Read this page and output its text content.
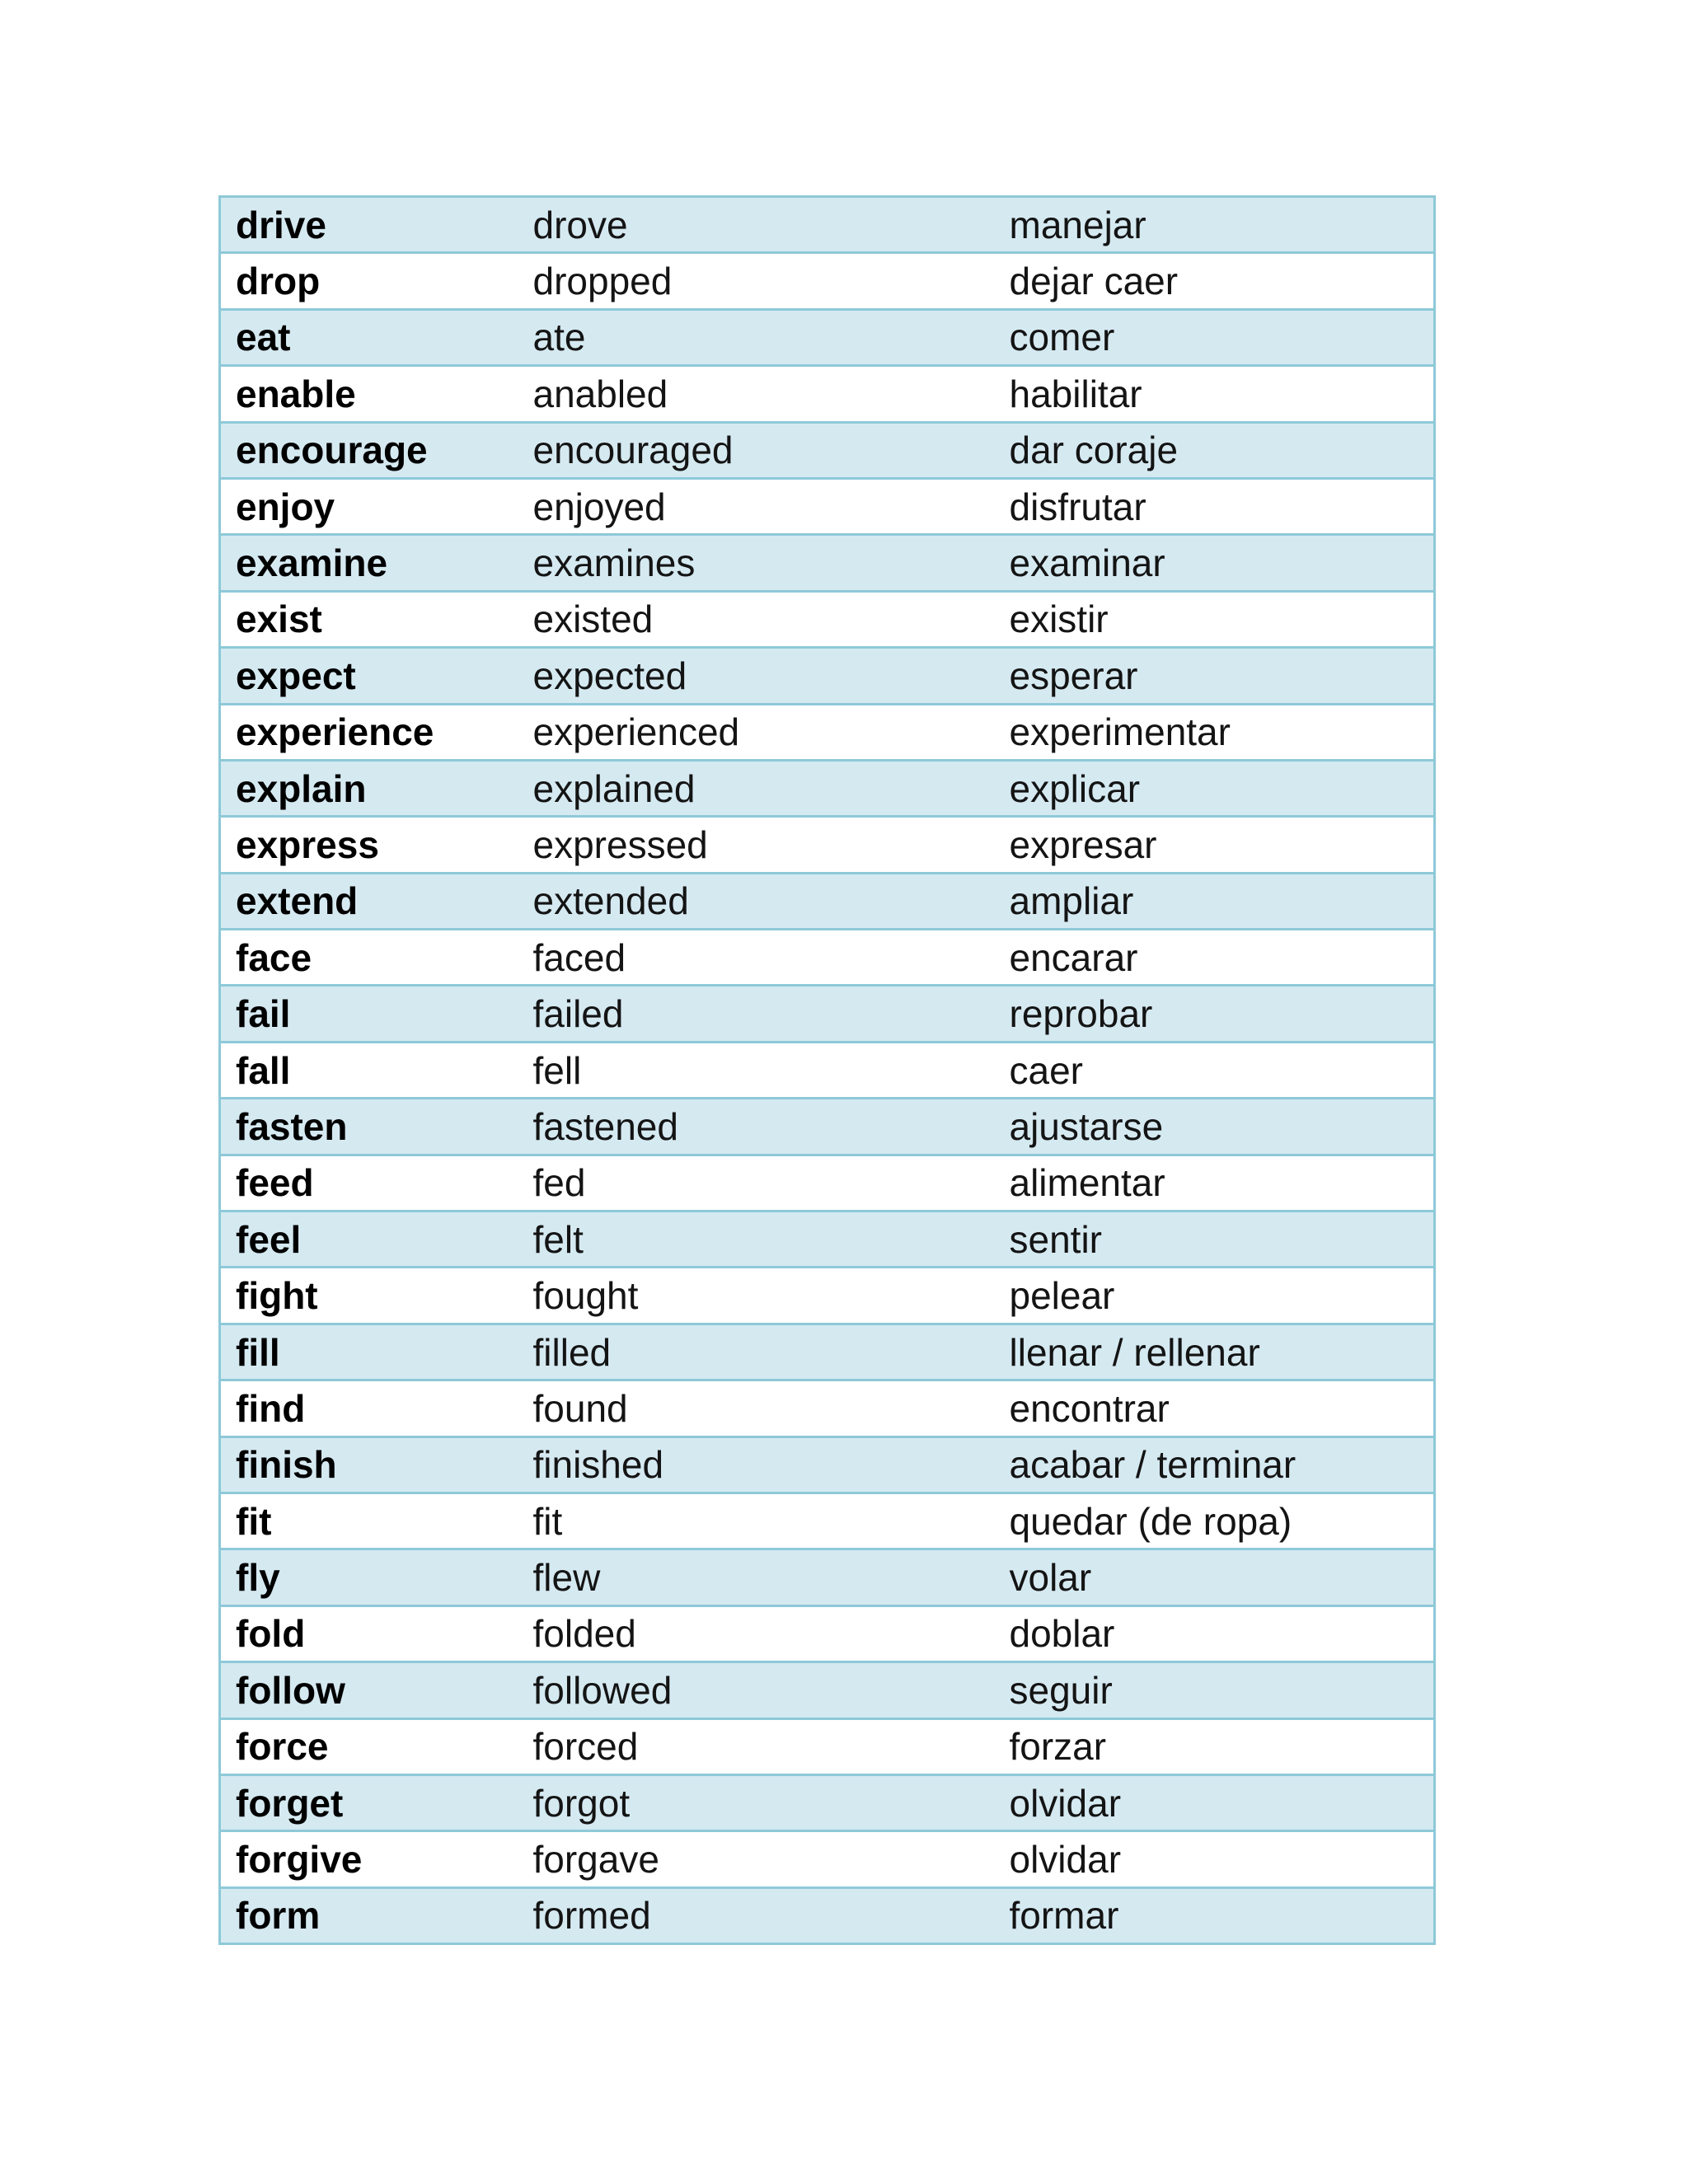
drive	drove	manejar
drop	dropped	dejar caer
eat	ate	comer
enable	anabled	habilitar
encourage	encouraged	dar coraje
enjoy	enjoyed	disfrutar
examine	examines	examinar
exist	existed	existir
expect	expected	esperar
experience	experienced	experimentar
explain	explained	explicar
express	expressed	expresar
extend	extended	ampliar
face	faced	encarar
fail	failed	reprobar
fall	fell	caer
fasten	fastened	ajustarse
feed	fed	alimentar
feel	felt	sentir
fight	fought	pelear
fill	filled	llenar / rellenar
find	found	encontrar
finish	finished	acabar / terminar
fit	fit	quedar (de ropa)
fly	flew	volar
fold	folded	doblar
follow	followed	seguir
force	forced	forzar
forget	forgot	olvidar
forgive	forgave	olvidar
form	formed	formar
